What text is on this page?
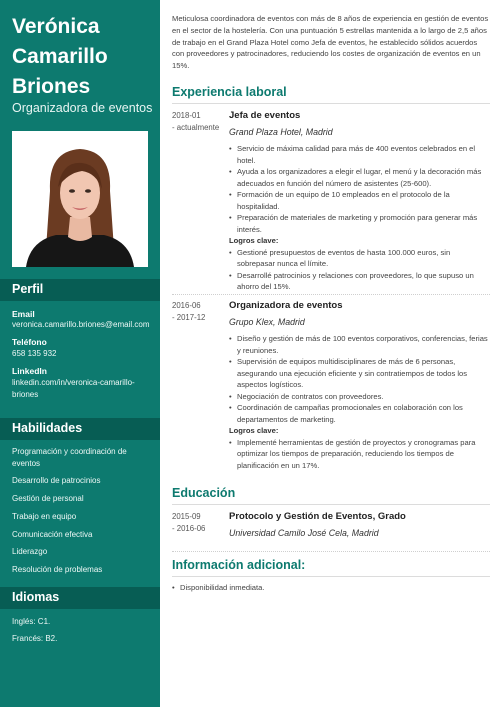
Verónica
Camarillo
Briones
Organizadora de eventos
Perfil
Email
veronica.camarillo.briones@email.com
Teléfono
658 135 932
LinkedIn
linkedin.com/in/veronica-camarillo-
briones
Habilidades
Programación y coordinación de eventos
Desarrollo de patrocinios
Gestión de personal
Trabajo en equipo
Comunicación efectiva
Liderazgo
Resolución de problemas
Idiomas
Inglés: C1.
Francés: B2.
Meticulosa coordinadora de eventos con más de 8 años de experiencia en gestión de eventos en el sector de la hostelería. Con una puntuación 5 estrellas mantenida a lo largo de 2,5 años de trabajo en el Grand Plaza Hotel como Jefa de eventos, he establecido sólidos acuerdos con proveedores y patrocinadores, reduciendo los costes de organización de eventos en un 15%.
Experiencia laboral
2018-01
- actualmente
Jefa de eventos
Grand Plaza Hotel, Madrid
• Servicio de máxima calidad para más de 400 eventos celebrados en el hotel.
• Ayuda a los organizadores a elegir el lugar, el menú y la decoración más adecuados en función del número de asistentes (25-600).
• Formación de un equipo de 10 empleados en el protocolo de la hospitalidad.
• Preparación de materiales de marketing y promoción para generar más interés.
Logros clave:
• Gestioné presupuestos de eventos de hasta 100.000 euros, sin sobrepasar nunca el límite.
• Desarrollé patrocinios y relaciones con proveedores, lo que supuso un ahorro del 15%.
2016-06
- 2017-12
Organizadora de eventos
Grupo Klex, Madrid
• Diseño y gestión de más de 100 eventos corporativos, conferencias, ferias y reuniones.
• Supervisión de equipos multidisciplinares de más de 6 personas, asegurando una ejecución eficiente y sin contratiempos de todos los aspectos logísticos.
• Negociación de contratos con proveedores.
• Coordinación de campañas promocionales en colaboración con los departamentos de marketing.
Logros clave:
• Implementé herramientas de gestión de proyectos y cronogramas para optimizar los tiempos de preparación, reduciendo los tiempos de planificación en un 17%.
Educación
2015-09
- 2016-06
Protocolo y Gestión de Eventos, Grado
Universidad Camilo José Cela, Madrid
Información adicional:
• Disponibilidad inmediata.
